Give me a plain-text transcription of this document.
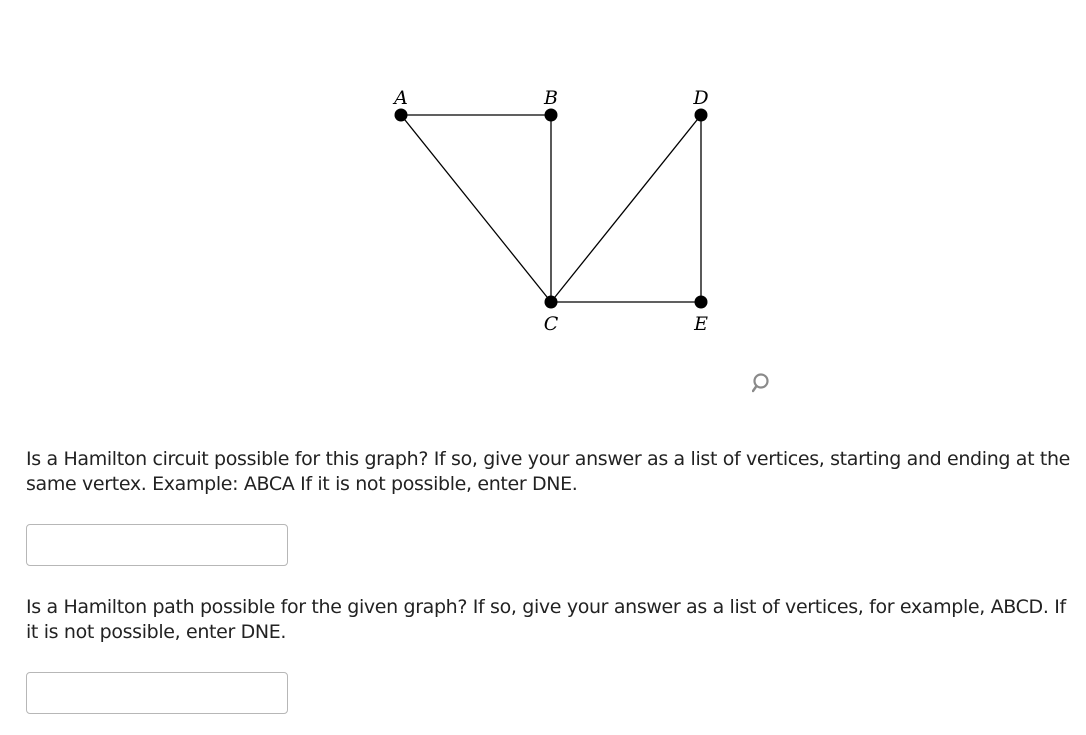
A	B	D
C	E
Is a Hamilton circuit possible for this graph? If so, give your answer as a list of vertices, starting and ending at the same vertex. Example: ABCA If it is not possible, enter DNE.
Is a Hamilton path possible for the given graph? If so, give your answer as a list of vertices, for example, ABCD. If it is not possible, enter DNE.
